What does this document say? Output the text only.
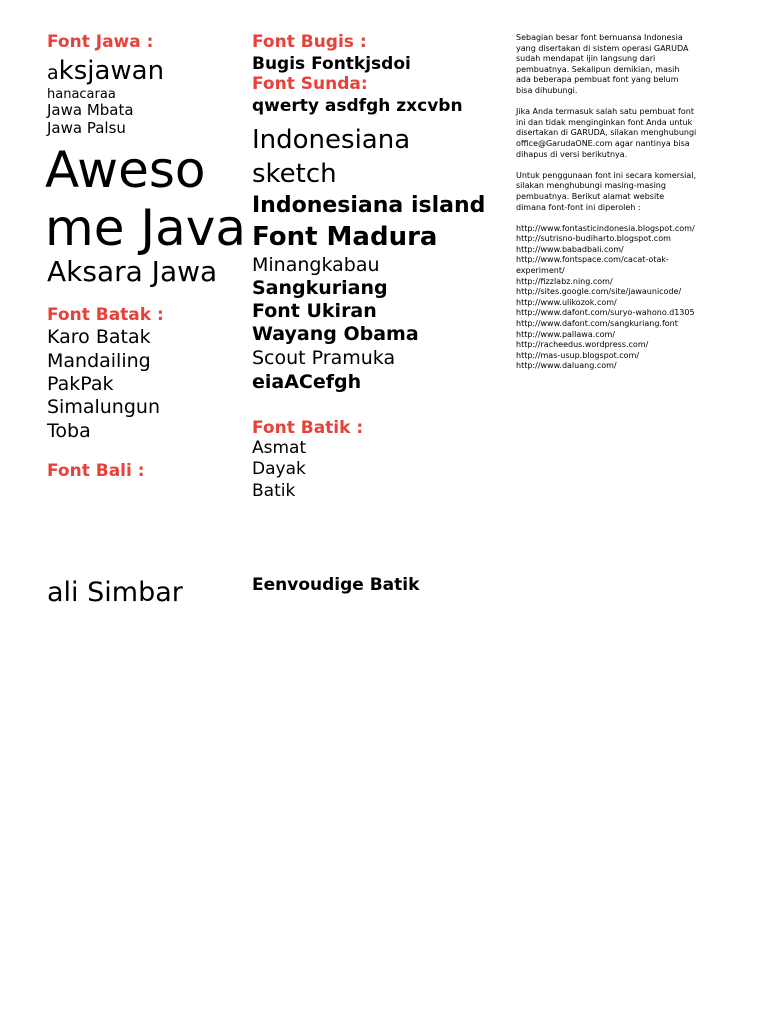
Font Jawa :
aksjawan
hanacaraa
Jawa Mbata
Jawa Palsu
Aweso
me Java
Aksara Jawa
Font Batak :
Karo Batak
Mandailing
PakPak
Simalungun
Toba
Font Bali :
ali Simbar
Font Bugis :
Bugis Fontkjsdoi
Font Sunda:
qwerty asdfgh zxcvbn
Indonesiana
sketch
Indonesiana island
Font Madura
Minangkabau
Sangkuriang
Font Ukiran
Wayang Obama
Scout Pramuka
eiaACefgh
Font Batik :
Asmat
Dayak
Batik
Eenvoudige Batik

Sebagian besar font bernuansa Indonesia
yang disertakan di sistem operasi GARUDA
sudah mendapat ijin langsung dari
pembuatnya. Sekalipun demikian, masih
ada beberapa pembuat font yang belum
bisa dihubungi.

Jika Anda termasuk salah satu pembuat font
ini dan tidak menginginkan font Anda untuk
disertakan di GARUDA, silakan menghubungi
office@GarudaONE.com agar nantinya bisa
dihapus di versi berikutnya.

Untuk penggunaan font ini secara komersial,
silakan menghubungi masing-masing
pembuatnya. Berikut alamat website
dimana font-font ini diperoleh :

http://www.fontasticindonesia.blogspot.com/
http://sutrisno-budiharto.blogspot.com
http://www.babadbali.com/
http://www.fontspace.com/cacat-otak-
experiment/
http://fizzlabz.ning.com/
http://sites.google.com/site/jawaunicode/
http://www.ulikozok.com/
http://www.dafont.com/suryo-wahono.d1305
http://www.dafont.com/sangkuriang.font
http://www.pallawa.com/
http://racheedus.wordpress.com/
http://mas-usup.blogspot.com/
http://www.daluang.com/
